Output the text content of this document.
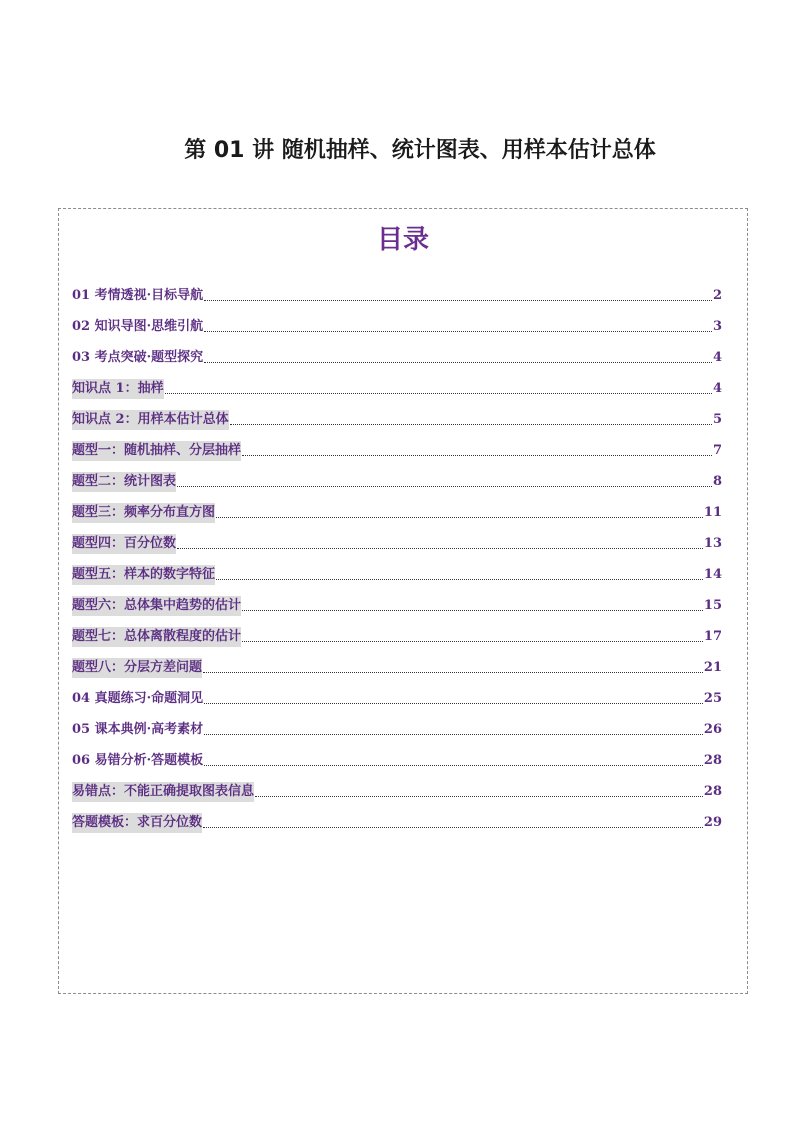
第 01 讲 随机抽样、统计图表、用样本估计总体
目录
01 考情透视·目标导航	2
02 知识导图·思维引航	3
03 考点突破·题型探究	4
知识点 1：抽样	4
知识点 2：用样本估计总体	5
题型一：随机抽样、分层抽样	7
题型二：统计图表	8
题型三：频率分布直方图	11
题型四：百分位数	13
题型五：样本的数字特征	14
题型六：总体集中趋势的估计	15
题型七：总体离散程度的估计	17
题型八：分层方差问题	21
04 真题练习·命题洞见	25
05 课本典例·高考素材	26
06 易错分析·答题模板	28
易错点：不能正确提取图表信息	28
答题模板：求百分位数	29
